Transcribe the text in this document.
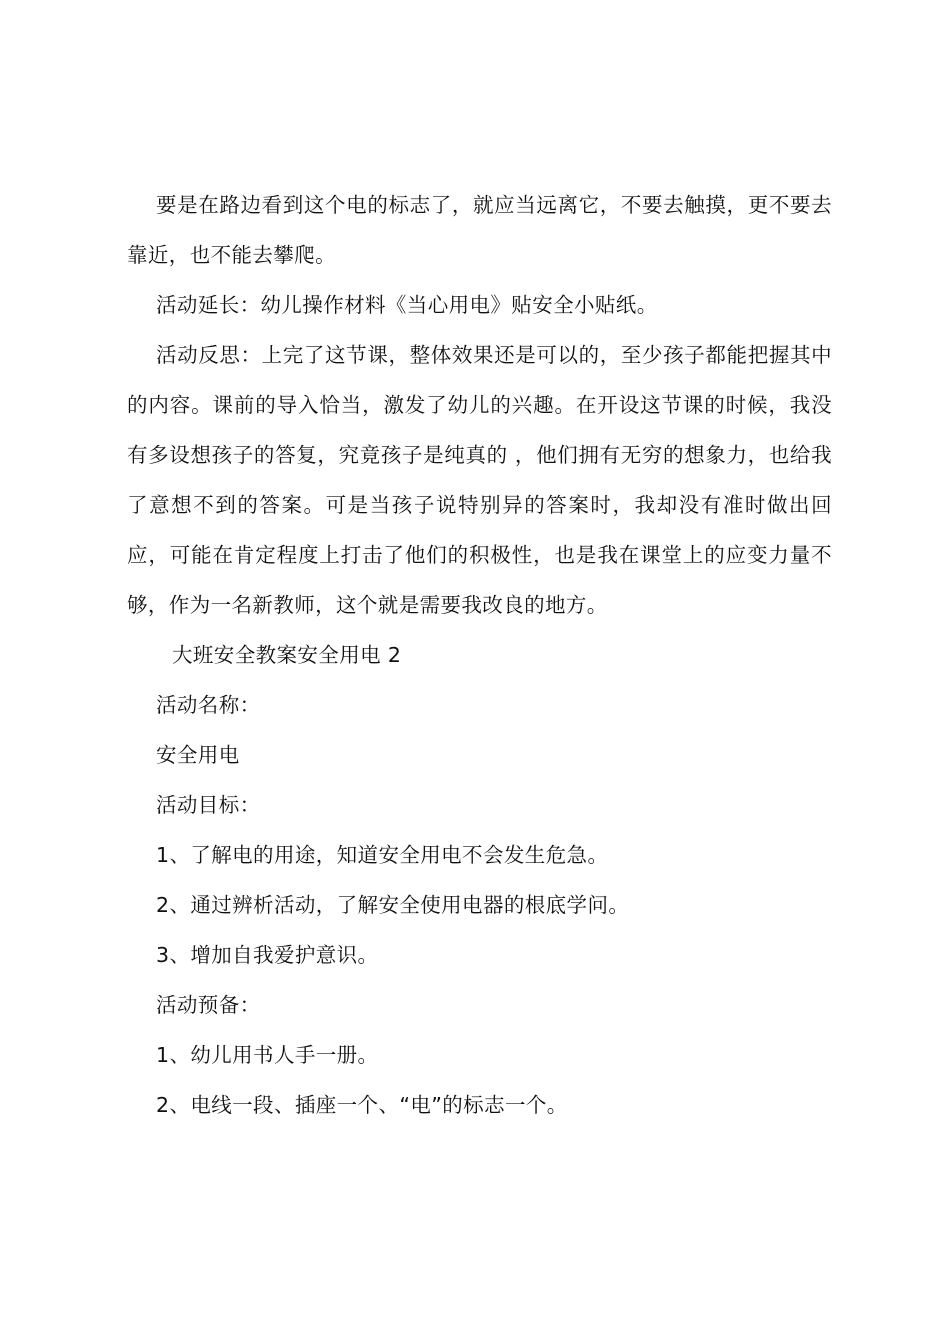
要是在路边看到这个电的标志了，就应当远离它，不要去触摸，更不要去靠近，也不能去攀爬。

活动延长：幼儿操作材料《当心用电》贴安全小贴纸。

活动反思：上完了这节课，整体效果还是可以的，至少孩子都能把握其中的内容。课前的导入恰当，激发了幼儿的兴趣。在开设这节课的时候，我没有多设想孩子的答复，究竟孩子是纯真的 ，他们拥有无穷的想象力，也给我了意想不到的答案。可是当孩子说特别异的答案时，我却没有准时做出回应，可能在肯定程度上打击了他们的积极性，也是我在课堂上的应变力量不够，作为一名新教师，这个就是需要我改良的地方。

大班安全教案安全用电 2

活动名称：

安全用电

活动目标：

1、了解电的用途，知道安全用电不会发生危急。

2、通过辨析活动，了解安全使用电器的根底学问。

3、增加自我爱护意识。

活动预备：

1、幼儿用书人手一册。

2、电线一段、插座一个、“电”的标志一个。
